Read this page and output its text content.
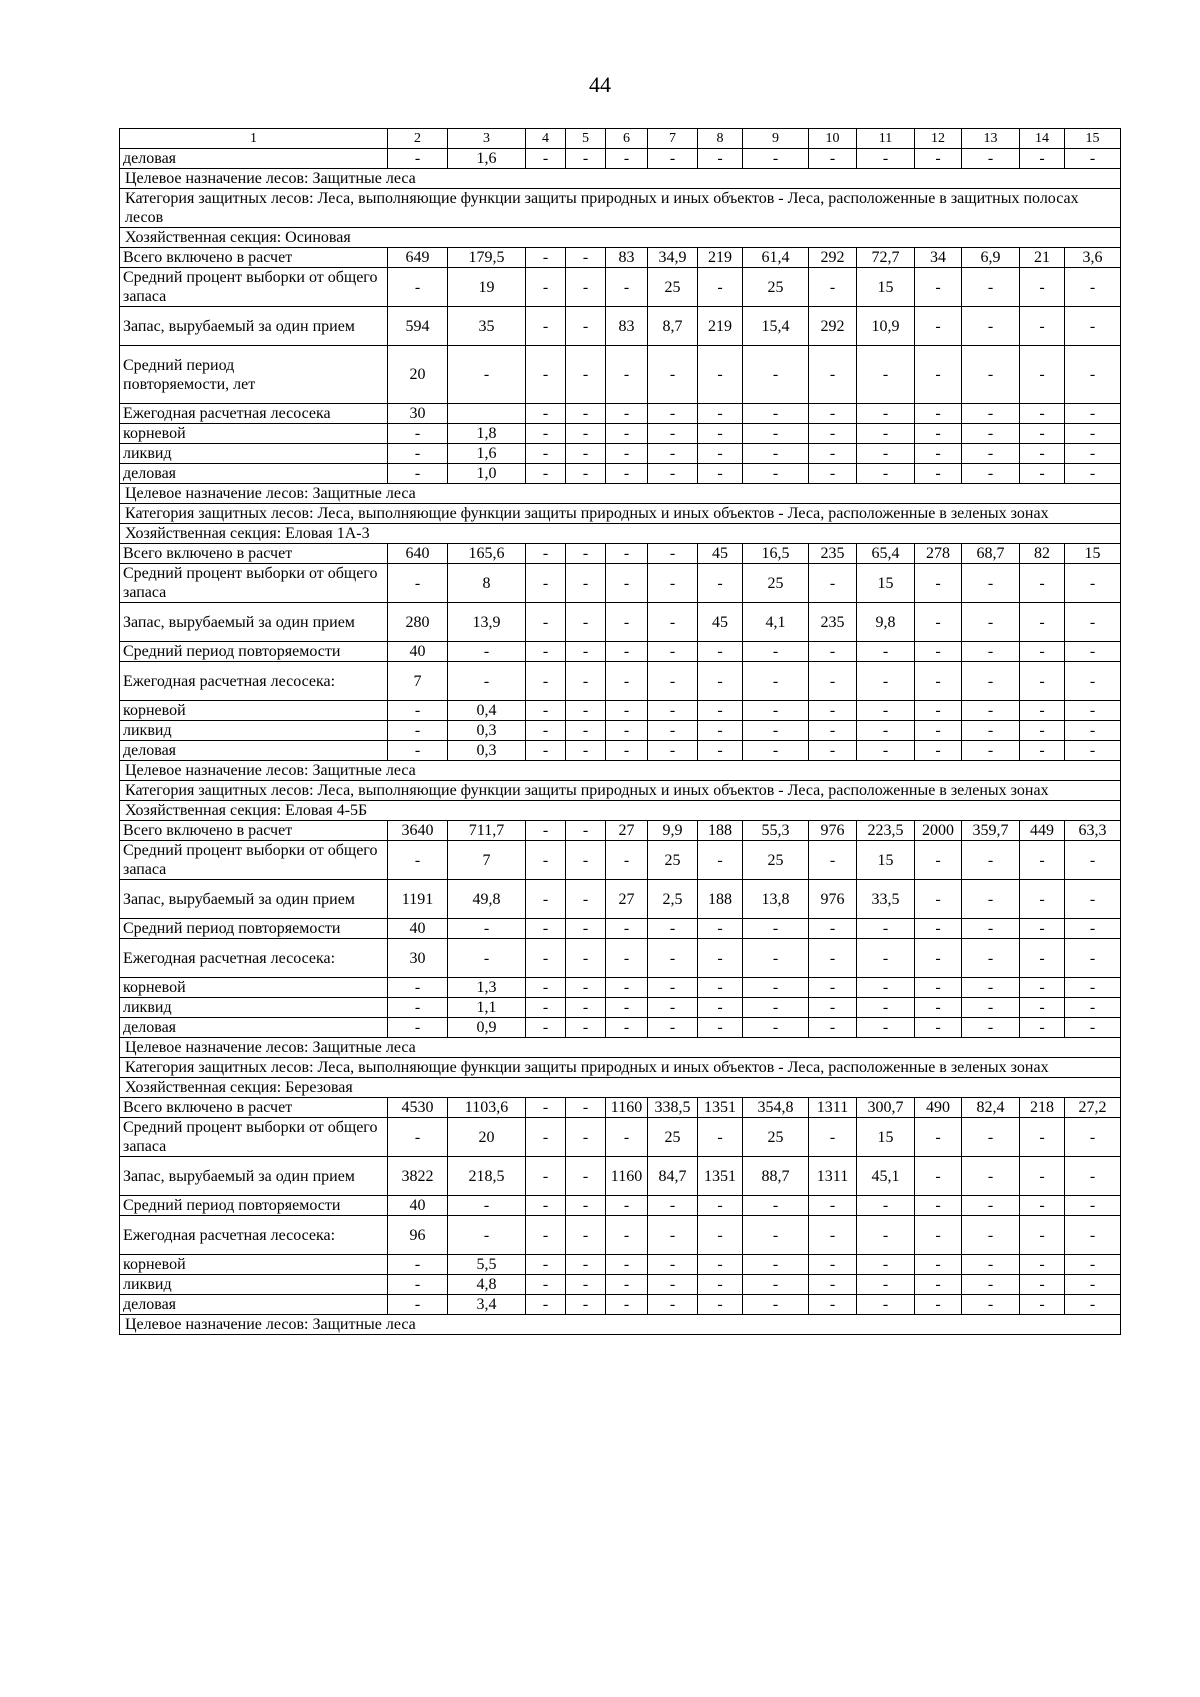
44
1	2	3	4	5	6	7	8	9	10	11	12	13	14	15
деловая	-	1,6	-	-	-	-	-	-	-	-	-	-	-	-
Целевое назначение лесов: Защитные леса														
Категория защитных лесов: Леса, выполняющие функции защиты природных и иных объектов - Леса, расположенные в защитных полосах лесов														
Хозяйственная секция: Осиновая														
Всего включено в расчет	649	179,5	-	-	83	34,9	219	61,4	292	72,7	34	6,9	21	3,6
Средний процент выборки от общего запаса	-	19	-	-	-	25	-	25	-	15	-	-	-	-
Запас, вырубаемый за один прием	594	35	-	-	83	8,7	219	15,4	292	10,9	-	-	-	-
Средний период повторяемости, лет	20	-	-	-	-	-	-	-	-	-	-	-	-	-
Ежегодная расчетная лесосека	30		-	-	-	-	-	-	-	-	-	-	-	-
корневой	-	1,8	-	-	-	-	-	-	-	-	-	-	-	-
ликвид	-	1,6	-	-	-	-	-	-	-	-	-	-	-	-
деловая	-	1,0	-	-	-	-	-	-	-	-	-	-	-	-
Целевое назначение лесов: Защитные леса														
Категория защитных лесов: Леса, выполняющие функции защиты природных и иных объектов - Леса, расположенные в зеленых зонах														
Хозяйственная секция: Еловая 1А-3														
Всего включено в расчет	640	165,6	-	-	-	-	45	16,5	235	65,4	278	68,7	82	15
Средний процент выборки от общего запаса	-	8	-	-	-	-	-	25	-	15	-	-	-	-
Запас, вырубаемый за один прием	280	13,9	-	-	-	-	45	4,1	235	9,8	-	-	-	-
Средний период повторяемости	40	-	-	-	-	-	-	-	-	-	-	-	-	-
Ежегодная расчетная лесосека:	7	-	-	-	-	-	-	-	-	-	-	-	-	-
корневой	-	0,4	-	-	-	-	-	-	-	-	-	-	-	-
ликвид	-	0,3	-	-	-	-	-	-	-	-	-	-	-	-
деловая	-	0,3	-	-	-	-	-	-	-	-	-	-	-	-
Целевое назначение лесов: Защитные леса														
Категория защитных лесов: Леса, выполняющие функции защиты природных и иных объектов - Леса, расположенные в зеленых зонах														
Хозяйственная секция: Еловая 4-5Б														
Всего включено в расчет	3640	711,7	-	-	27	9,9	188	55,3	976	223,5	2000	359,7	449	63,3
Средний процент выборки от общего запаса	-	7	-	-	-	25	-	25	-	15	-	-	-	-
Запас, вырубаемый за один прием	1191	49,8	-	-	27	2,5	188	13,8	976	33,5	-	-	-	-
Средний период повторяемости	40	-	-	-	-	-	-	-	-	-	-	-	-	-
Ежегодная расчетная лесосека:	30	-	-	-	-	-	-	-	-	-	-	-	-	-
корневой	-	1,3	-	-	-	-	-	-	-	-	-	-	-	-
ликвид	-	1,1	-	-	-	-	-	-	-	-	-	-	-	-
деловая	-	0,9	-	-	-	-	-	-	-	-	-	-	-	-
Целевое назначение лесов: Защитные леса														
Категория защитных лесов: Леса, выполняющие функции защиты природных и иных объектов - Леса, расположенные в зеленых зонах														
Хозяйственная секция: Березовая														
Всего включено в расчет	4530	1103,6	-	-	1160	338,5	1351	354,8	1311	300,7	490	82,4	218	27,2
Средний процент выборки от общего запаса	-	20	-	-	-	25	-	25	-	15	-	-	-	-
Запас, вырубаемый за один прием	3822	218,5	-	-	1160	84,7	1351	88,7	1311	45,1	-	-	-	-
Средний период повторяемости	40	-	-	-	-	-	-	-	-	-	-	-	-	-
Ежегодная расчетная лесосека:	96	-	-	-	-	-	-	-	-	-	-	-	-	-
корневой	-	5,5	-	-	-	-	-	-	-	-	-	-	-	-
ликвид	-	4,8	-	-	-	-	-	-	-	-	-	-	-	-
деловая	-	3,4	-	-	-	-	-	-	-	-	-	-	-	-
Целевое назначение лесов: Защитные леса														
